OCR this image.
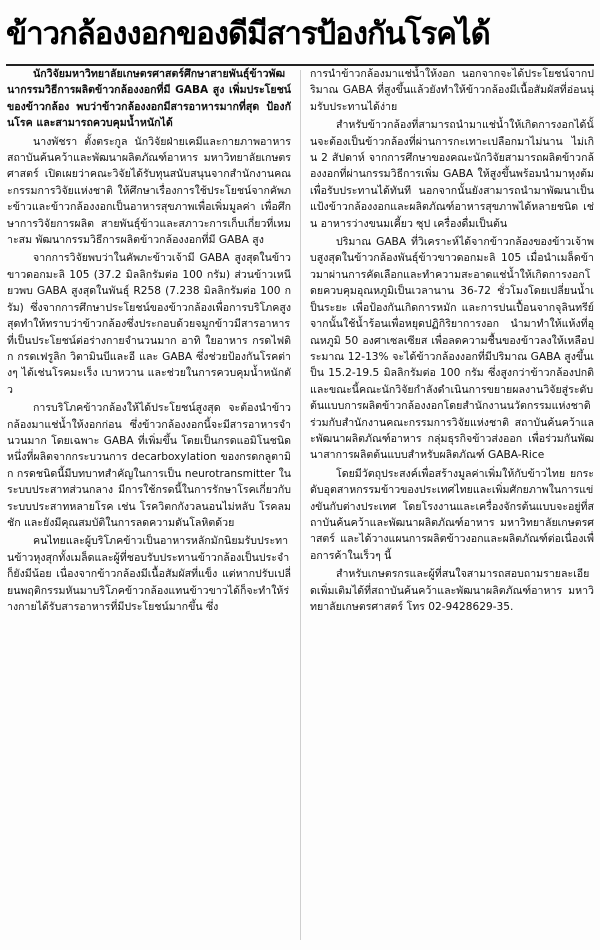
ข้าวกล้องงอกของดีมีสารป้องกันโรคได้

นักวิจัยมหาวิทยาลัยเกษตรศาสตร์ศึกษาสายพันธุ์ข้าวพัฒนากรรมวิธีการผลิตข้าวกล้องงอกที่มี GABA สูง เพิ่มประโยชน์ของข้าวกล้อง พบว่าข้าวกล้องงอกมีสารอาหารมากที่สุด ป้องกันโรค และสามารถควบคุมน้ำหนักได้

นางพัชรา ตั้งตระกูล นักวิจัยฝ่ายเคมีและกายภาพอาหาร สถาบันค้นคว้าและพัฒนาผลิตภัณฑ์อาหาร มหาวิทยาลัยเกษตรศาสตร์ เปิดเผยว่าคณะวิจัยได้รับทุนสนับสนุนจากสำนักงานคณะกรรมการวิจัยแห่งชาติ ให้ศึกษาเรื่องการใช้ประโยชน์จากคัพภะข้าวและข้าวกล้องงอกเป็นอาหารสุขภาพเพื่อเพิ่มมูลค่า เพื่อศึกษาการวิจัยการผลิต สายพันธุ์ข้าวและสภาวะการเก็บเกี่ยวที่เหมาะสม พัฒนากรรมวิธีการผลิตข้าวกล้องงอกที่มี GABA สูง

จากการวิจัยพบว่าในคัพภะข้าวเจ้ามี GABA สูงสุดในข้าวขาวดอกมะลิ 105 (37.2 มิลลิกรัมต่อ 100 กรัม) ส่วนข้าวเหนียวพบ GABA สูงสุดในพันธุ์ R258 (7.238 มิลลิกรัมต่อ 100 กรัม) ซึ่งจากการศึกษาประโยชน์ของข้าวกล้องเพื่อการบริโภคสูงสุดทำให้ทราบว่าข้าวกล้องซึ่งประกอบด้วยจมูกข้าวมีสารอาหารที่เป็นประโยชน์ต่อร่างกายจำนวนมาก อาทิ ใยอาหาร กรดไฟติก กรดเฟรูลิก วิตามินบีและอี และ GABA ซึ่งช่วยป้องกันโรคต่างๆ ได้เช่นโรคมะเร็ง เบาหวาน และช่วยในการควบคุมน้ำหนักตัว

การบริโภคข้าวกล้องให้ได้ประโยชน์สูงสุด จะต้องนำข้าวกล้องมาแช่น้ำให้งอกก่อน ซึ่งข้าวกล้องงอกนี้จะมีสารอาหารจำนวนมาก โดยเฉพาะ GABA ที่เพิ่มขึ้น โดยเป็นกรดแอมิโนชนิดหนึ่งที่ผลิตจากกระบวนการ decarboxylation ของกรดกลูตามิก กรดชนิดนี้มีบทบาทสำคัญในการเป็น neurotransmitter ในระบบประสาทส่วนกลาง มีการใช้กรดนี้ในการรักษาโรคเกี่ยวกับระบบประสาทหลายโรค เช่น โรควิตกกังวลนอนไม่หลับ โรคลมชัก และยังมีคุณสมบัติในการลดความดันโลหิตด้วย

คนไทยและผู้บริโภคข้าวเป็นอาหารหลักมักนิยมรับประทานข้าวหุงสุกทั้งเมล็ดและผู้ที่ชอบรับประทานข้าวกล้องเป็นประจำก็ยังมีน้อย เนื่องจากข้าวกล้องมีเนื้อสัมผัสที่แข็ง แต่หากปรับเปลี่ยนพฤติกรรมหันมาบริโภคข้าวกล้องแทนข้าวขาวได้ก็จะทำให้ร่างกายได้รับสารอาหารที่มีประโยชน์มากขึ้น ซึ่ง

การนำข้าวกล้องมาแช่น้ำให้งอก นอกจากจะได้ประโยชน์จากปริมาณ GABA ที่สูงขึ้นแล้วยังทำให้ข้าวกล้องมีเนื้อสัมผัสที่อ่อนนุ่มรับประทานได้ง่าย

สำหรับข้าวกล้องที่สามารถนำมาแช่น้ำให้เกิดการงอกได้นั้นจะต้องเป็นข้าวกล้องที่ผ่านการกะเทาะเปลือกมาไม่นาน ไม่เกิน 2 สัปดาห์ จากการศึกษาของคณะนักวิจัยสามารถผลิตข้าวกล้องงอกที่ผ่านกรรมวิธีการเพิ่ม GABA ให้สูงขึ้นพร้อมนำมาหุงต้มเพื่อรับประทานได้ทันที นอกจากนั้นยังสามารถนำมาพัฒนาเป็นแป้งข้าวกล้องงอกและผลิตภัณฑ์อาหารสุขภาพได้หลายชนิด เช่น อาหารว่างขนมเคี้ยว ซุป เครื่องดื่มเป็นต้น

ปริมาณ GABA ที่วิเคราะห์ได้จากข้าวกล้องของข้าวเจ้าพบสูงสุดในข้าวกล้องพันธุ์ข้าวขาวดอกมะลิ 105 เมื่อนำเมล็ดข้าวมาผ่านการคัดเลือกและทำความสะอาดแช่น้ำให้เกิดการงอกโดยควบคุมอุณหภูมิเป็นเวลานาน 36-72 ชั่วโมงโดยเปลี่ยนน้ำเป็นระยะ เพื่อป้องกันเกิดการหมัก และการปนเปื้อนจากจุลินทรีย์ จากนั้นใช้น้ำร้อนเพื่อหยุดปฏิกิริยาการงอก นำมาทำให้แห้งที่อุณหภูมิ 50 องศาเซลเซียส เพื่อลดความชื้นของข้าวลงให้เหลือประมาณ 12-13% จะได้ข้าวกล้องงอกที่มีปริมาณ GABA สูงขึ้นเป็น 15.2-19.5 มิลลิกรัมต่อ 100 กรัม ซึ่งสูงกว่าข้าวกล้องปกติ และขณะนี้คณะนักวิจัยกำลังดำเนินการขยายผลงานวิจัยสู่ระดับต้นแบบการผลิตข้าวกล้องงอกโดยสำนักงานนวัตกรรมแห่งชาติร่วมกับสำนักงานคณะกรรมการวิจัยแห่งชาติ สถาบันค้นคว้าและพัฒนาผลิตภัณฑ์อาหาร กลุ่มธุรกิจข้าวส่งออก เพื่อร่วมกันพัฒนาสาการผลิตต้นแบบสำหรับผลิตภัณฑ์ GABA-Rice

โดยมีวัตถุประสงค์เพื่อสร้างมูลค่าเพิ่มให้กับข้าวไทย ยกระดับอุตสาหกรรมข้าวของประเทศไทยและเพิ่มศักยภาพในการแข่งขันกับต่างประเทศ โดยโรงงานและเครื่องจักรต้นแบบจะอยู่ที่สถาบันค้นคว้าและพัฒนาผลิตภัณฑ์อาหาร มหาวิทยาลัยเกษตรศาสตร์ และได้วางแผนการผลิตข้าวงอกและผลิตภัณฑ์ต่อเนื่องเพื่อการค้าในเร็วๆ นี้

สำหรับเกษตรกรและผู้ที่สนใจสามารถสอบถามรายละเอียดเพิ่มเติมได้ที่สถาบันค้นคว้าและพัฒนาผลิตภัณฑ์อาหาร มหาวิทยาลัยเกษตรศาสตร์ โทร 02-9428629-35.
